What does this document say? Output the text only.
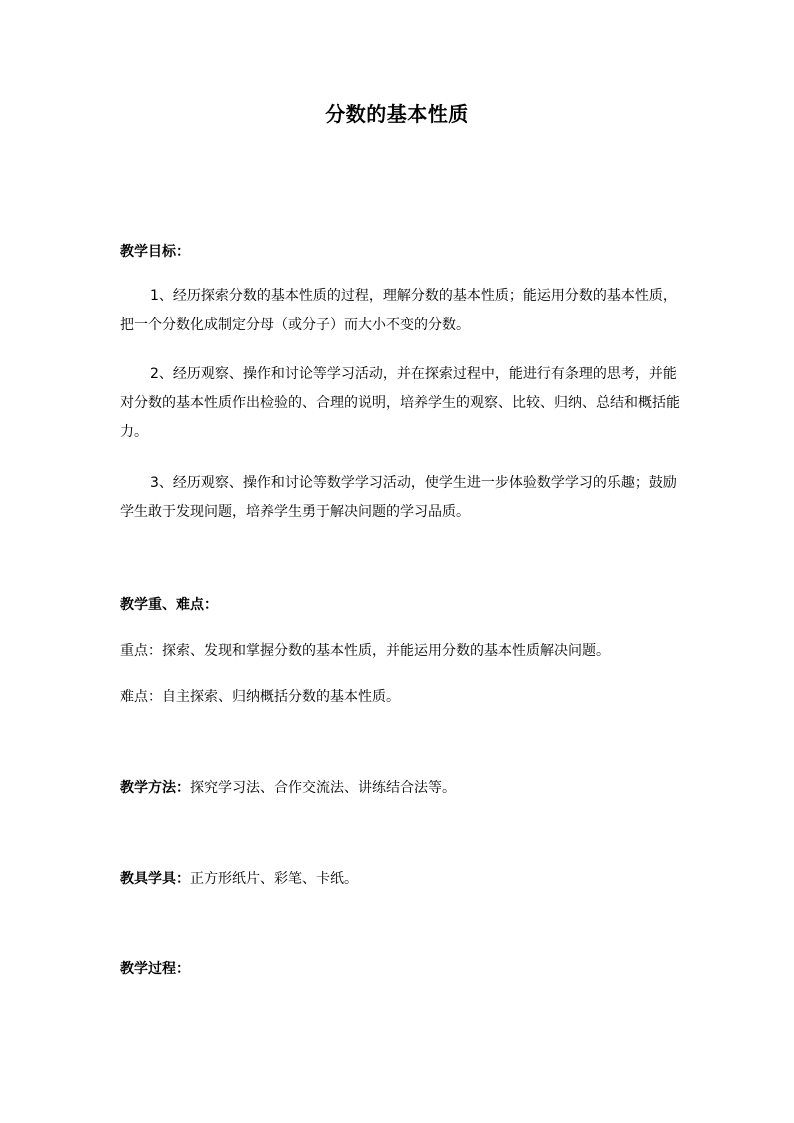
分数的基本性质
教学目标：
1、经历探索分数的基本性质的过程，理解分数的基本性质；能运用分数的基本性质，把一个分数化成制定分母（或分子）而大小不变的分数。
2、经历观察、操作和讨论等学习活动，并在探索过程中，能进行有条理的思考，并能对分数的基本性质作出检验的、合理的说明，培养学生的观察、比较、归纳、总结和概括能力。
3、经历观察、操作和讨论等数学学习活动，使学生进一步体验数学学习的乐趣；鼓励学生敢于发现问题，培养学生勇于解决问题的学习品质。
教学重、难点：
重点：探索、发现和掌握分数的基本性质，并能运用分数的基本性质解决问题。
难点：自主探索、归纳概括分数的基本性质。
教学方法：探究学习法、合作交流法、讲练结合法等。
教具学具：正方形纸片、彩笔、卡纸。
教学过程：
